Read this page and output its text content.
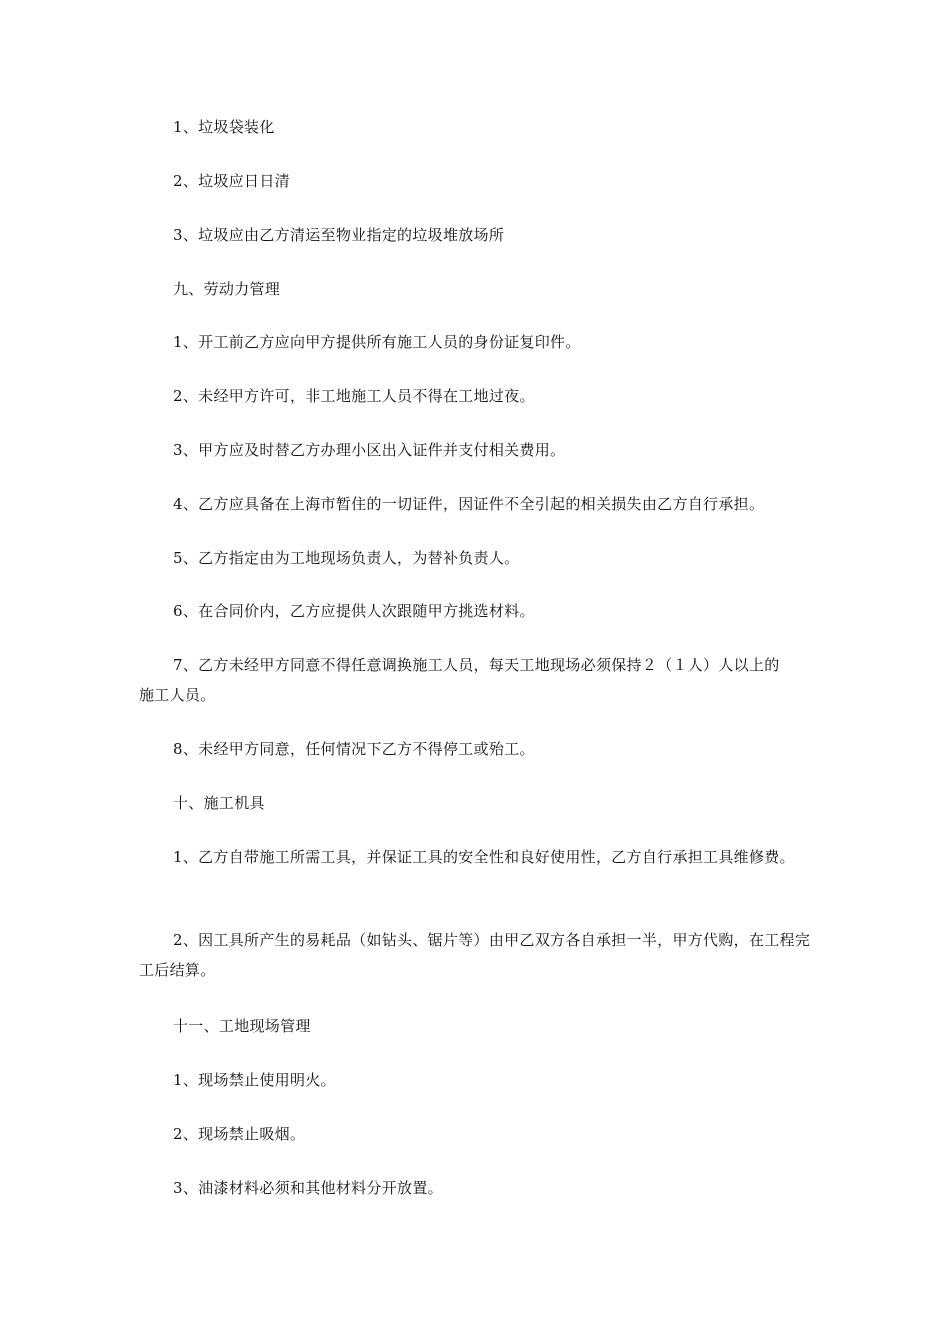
1、垃圾袋装化

2、垃圾应日日清

3、垃圾应由乙方清运至物业指定的垃圾堆放场所

九、劳动力管理

1、开工前乙方应向甲方提供所有施工人员的身份证复印件。

2、未经甲方许可，非工地施工人员不得在工地过夜。

3、甲方应及时替乙方办理小区出入证件并支付相关费用。

4、乙方应具备在上海市暂住的一切证件，因证件不全引起的相关损失由乙方自行承担。

5、乙方指定由为工地现场负责人，为替补负责人。

6、在合同价内，乙方应提供人次跟随甲方挑选材料。

7、乙方未经甲方同意不得任意调换施工人员，每天工地现场必须保持２（１人）人以上的施工人员。

8、未经甲方同意，任何情况下乙方不得停工或殆工。

十、施工机具

1、乙方自带施工所需工具，并保证工具的安全性和良好使用性，乙方自行承担工具维修费。

2、因工具所产生的易耗品（如钻头、锯片等）由甲乙双方各自承担一半，甲方代购，在工程完工后结算。

十一、工地现场管理

1、现场禁止使用明火。

2、现场禁止吸烟。

3、油漆材料必须和其他材料分开放置。
